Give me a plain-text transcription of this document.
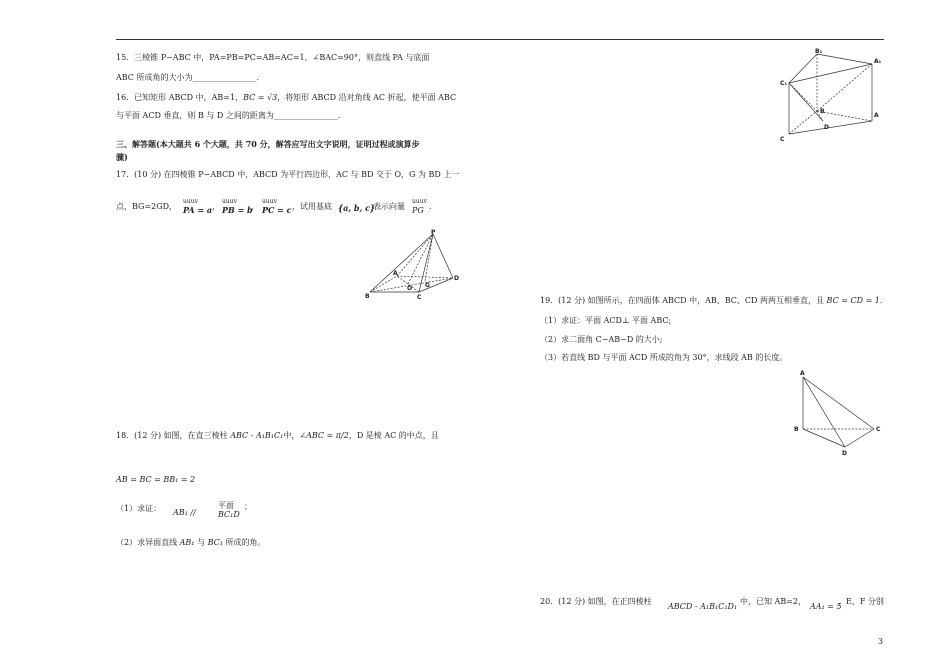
15．三棱锥 P−ABC 中，PA=PB=PC=AB=AC=1，∠BAC=90°，则直线 PA 与底面
ABC 所成角的大小为________________．
16．已知矩形 ABCD 中，AB=1，BC = √3，将矩形 ABCD 沿对角线 AC 折起，使平面 ABC
与平面 ACD 垂直，则 B 与 D 之间的距离为________________．
三、解答题(本大题共 6 个大题，共 70 分，解答应写出文字说明，证明过程或演算步
骤)
17．(10 分) 在四棱锥 P−ABCD 中，ABCD 为平行四边形，AC 与 BD 交于 O，G 为 BD 上一
点，BG=2GD，
uuuv
PA = a ，
uuuv
PB = b
，
uuuv
PC = c ，试用基底 {a, b, c}
表示向量
uuuv
PG .
P
A
B	C
D
O G
18．(12 分) 如图，在直三棱柱 ABC - A₁B₁C₁中，∠ABC = π/2，D 是棱 AC 的中点，且
AB = BC = BB₁ = 2
（1）求证： AB₁ //
平面
BC₁D
；
（2）求异面直线 AB₁ 与 BC₁ 所成的角。
B₁
A₁
C₁
B
A
C
D
19．(12 分) 如图所示，在四面体 ABCD 中，AB、BC、CD 两两互相垂直，且 BC = CD = 1．
（1）求证：平面 ACD⊥ 平面 ABC;
（2）求二面角 C−AB−D 的大小;
（3）若直线 BD 与平面 ACD 所成的角为 30°，求线段 AB 的长度。
A
B	C
D
20．(12 分) 如图，在正四棱柱
ABCD - A₁B₁C₁D₁
中，已知 AB=2，
AA₁ = 5
，E、F 分别
3
